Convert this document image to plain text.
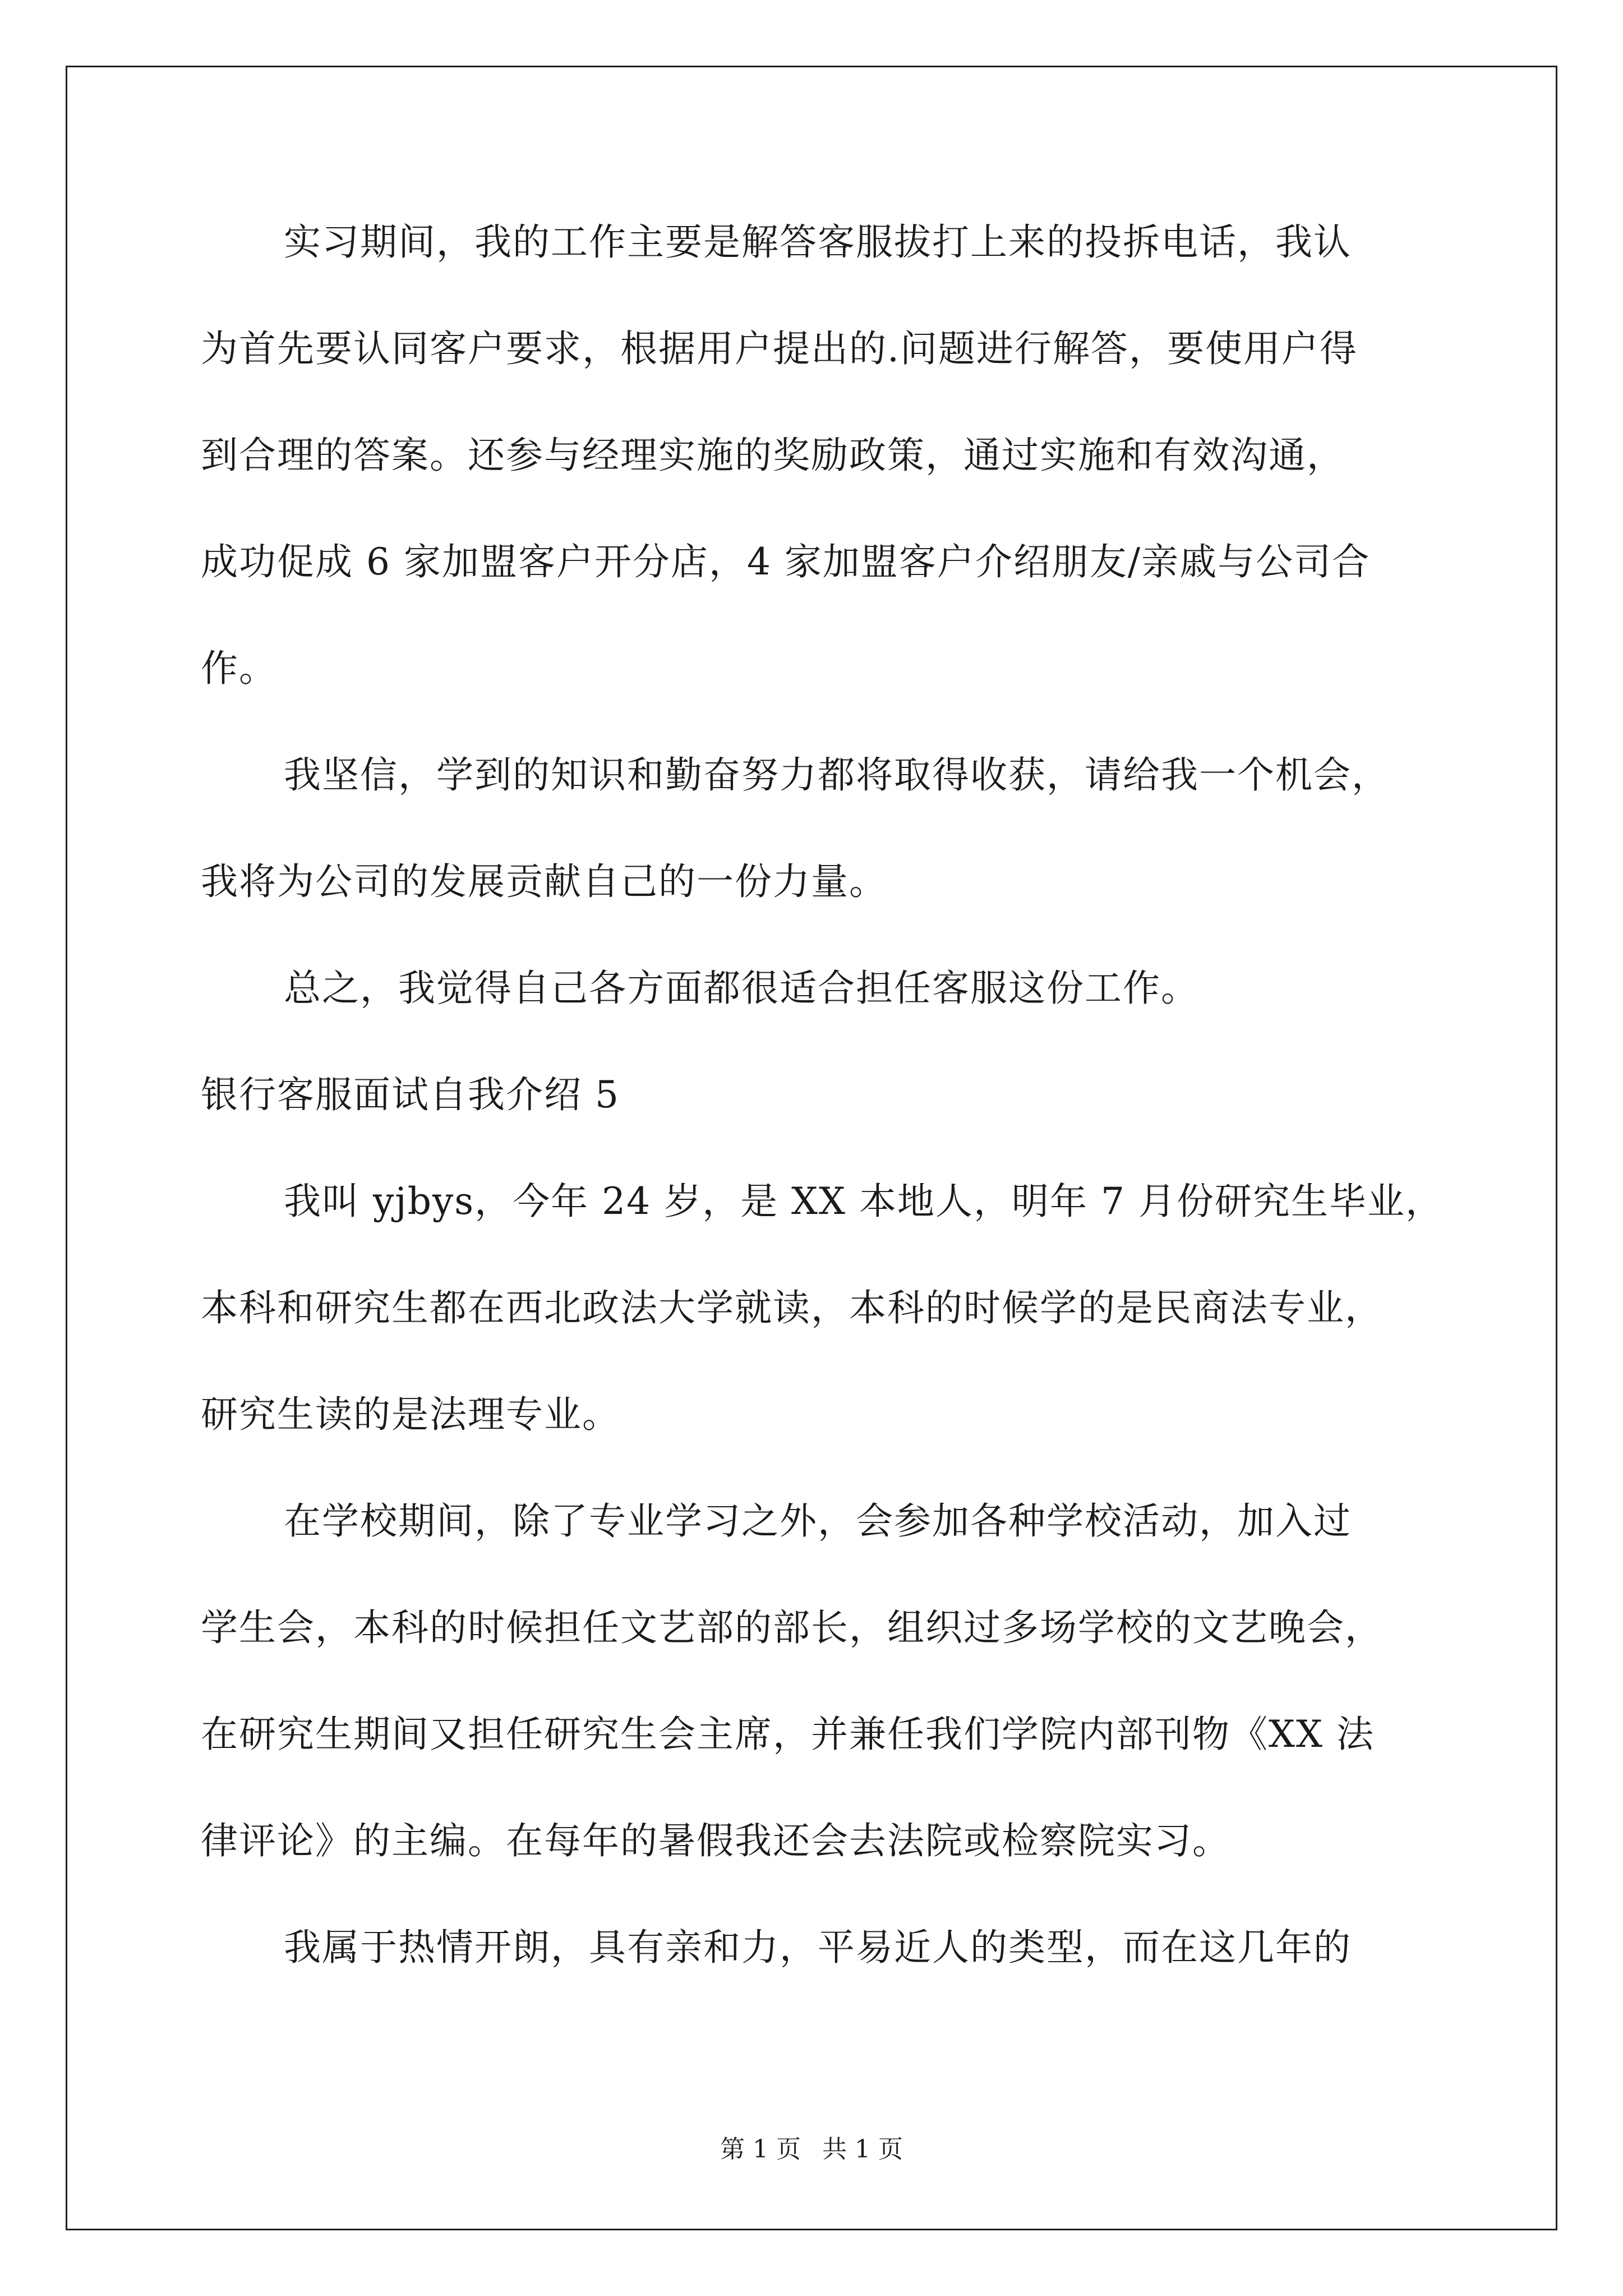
实习期间，我的工作主要是解答客服拔打上来的投拆电话，我认
为首先要认同客户要求，根据用户提出的.问题进行解答，要使用户得
到合理的答案。还参与经理实施的奖励政策，通过实施和有效沟通，
成功促成 6 家加盟客户开分店，4 家加盟客户介绍朋友/亲戚与公司合
作。
我坚信，学到的知识和勤奋努力都将取得收获，请给我一个机会，
我将为公司的发展贡献自己的一份力量。
总之，我觉得自己各方面都很适合担任客服这份工作。
银行客服面试自我介绍 5
我叫 yjbys，今年 24 岁，是 XX 本地人，明年 7 月份研究生毕业，
本科和研究生都在西北政法大学就读，本科的时候学的是民商法专业，
研究生读的是法理专业。
在学校期间，除了专业学习之外，会参加各种学校活动，加入过
学生会，本科的时候担任文艺部的部长，组织过多场学校的文艺晚会，
在研究生期间又担任研究生会主席，并兼任我们学院内部刊物《XX 法
律评论》的主编。在每年的暑假我还会去法院或检察院实习。
我属于热情开朗，具有亲和力，平易近人的类型，而在这几年的
第 1 页 共 1 页
